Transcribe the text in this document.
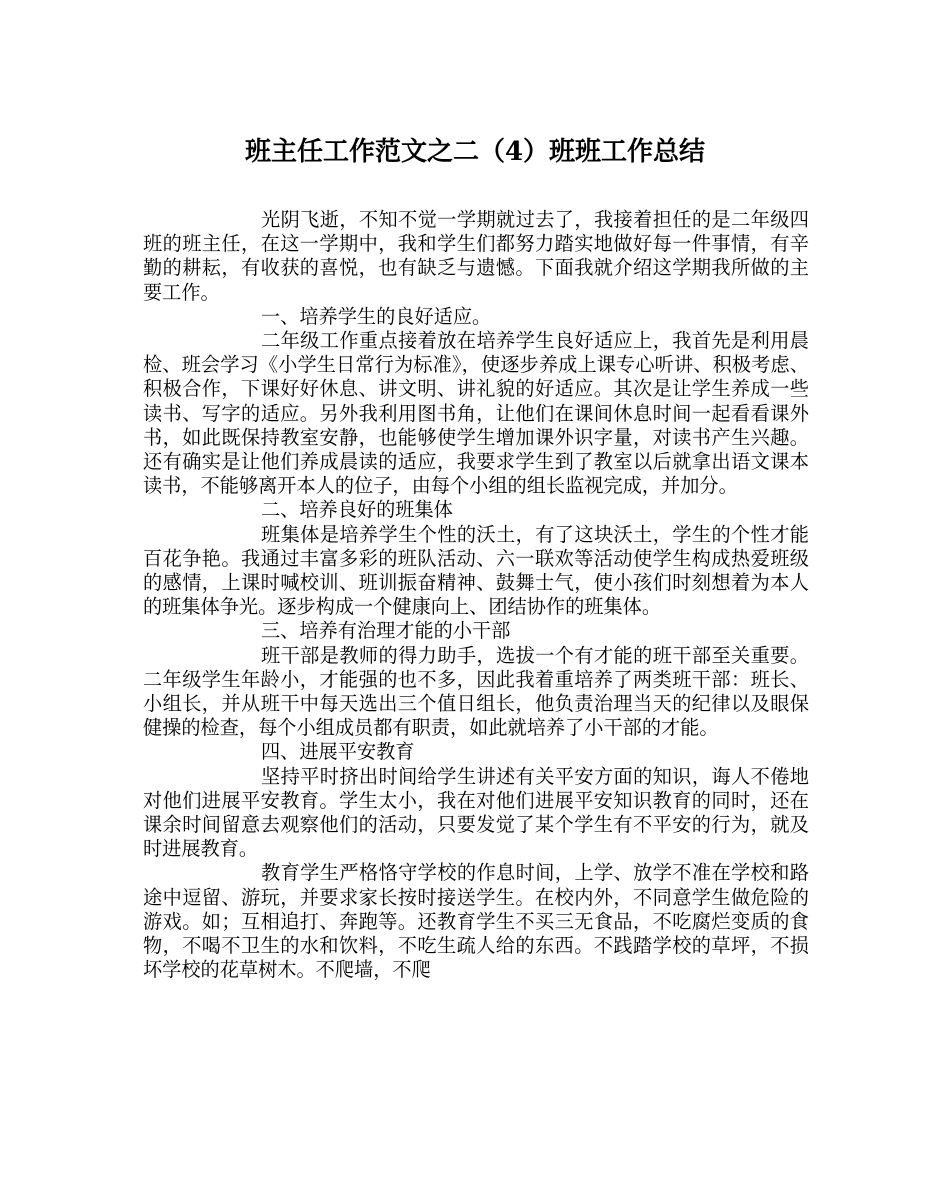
班主任工作范文之二（4）班班工作总结

光阴飞逝，不知不觉一学期就过去了，我接着担任的是二年级四班的班主任，在这一学期中，我和学生们都努力踏实地做好每一件事情，有辛勤的耕耘，有收获的喜悦，也有缺乏与遗憾。下面我就介绍这学期我所做的主要工作。

一、培养学生的良好适应。

二年级工作重点接着放在培养学生良好适应上，我首先是利用晨检、班会学习《小学生日常行为标准》，使逐步养成上课专心听讲、积极考虑、积极合作，下课好好休息、讲文明、讲礼貌的好适应。其次是让学生养成一些读书、写字的适应。另外我利用图书角，让他们在课间休息时间一起看看课外书，如此既保持教室安静，也能够使学生增加课外识字量，对读书产生兴趣。还有确实是让他们养成晨读的适应，我要求学生到了教室以后就拿出语文课本读书，不能够离开本人的位子，由每个小组的组长监视完成，并加分。

二、培养良好的班集体

班集体是培养学生个性的沃土，有了这块沃土，学生的个性才能百花争艳。我通过丰富多彩的班队活动、六一联欢等活动使学生构成热爱班级的感情，上课时喊校训、班训振奋精神、鼓舞士气，使小孩们时刻想着为本人的班集体争光。逐步构成一个健康向上、团结协作的班集体。

三、培养有治理才能的小干部

班干部是教师的得力助手，选拔一个有才能的班干部至关重要。二年级学生年龄小，才能强的也不多，因此我着重培养了两类班干部：班长、小组长，并从班干中每天选出三个值日组长，他负责治理当天的纪律以及眼保健操的检查，每个小组成员都有职责，如此就培养了小干部的才能。

四、进展平安教育

坚持平时挤出时间给学生讲述有关平安方面的知识，诲人不倦地对他们进展平安教育。学生太小，我在对他们进展平安知识教育的同时，还在课余时间留意去观察他们的活动，只要发觉了某个学生有不平安的行为，就及时进展教育。

教育学生严格恪守学校的作息时间，上学、放学不准在学校和路途中逗留、游玩，并要求家长按时接送学生。在校内外，不同意学生做危险的游戏。如；互相追打、奔跑等。还教育学生不买三无食品，不吃腐烂变质的食物，不喝不卫生的水和饮料，不吃生疏人给的东西。不践踏学校的草坪，不损坏学校的花草树木。不爬墙，不爬
